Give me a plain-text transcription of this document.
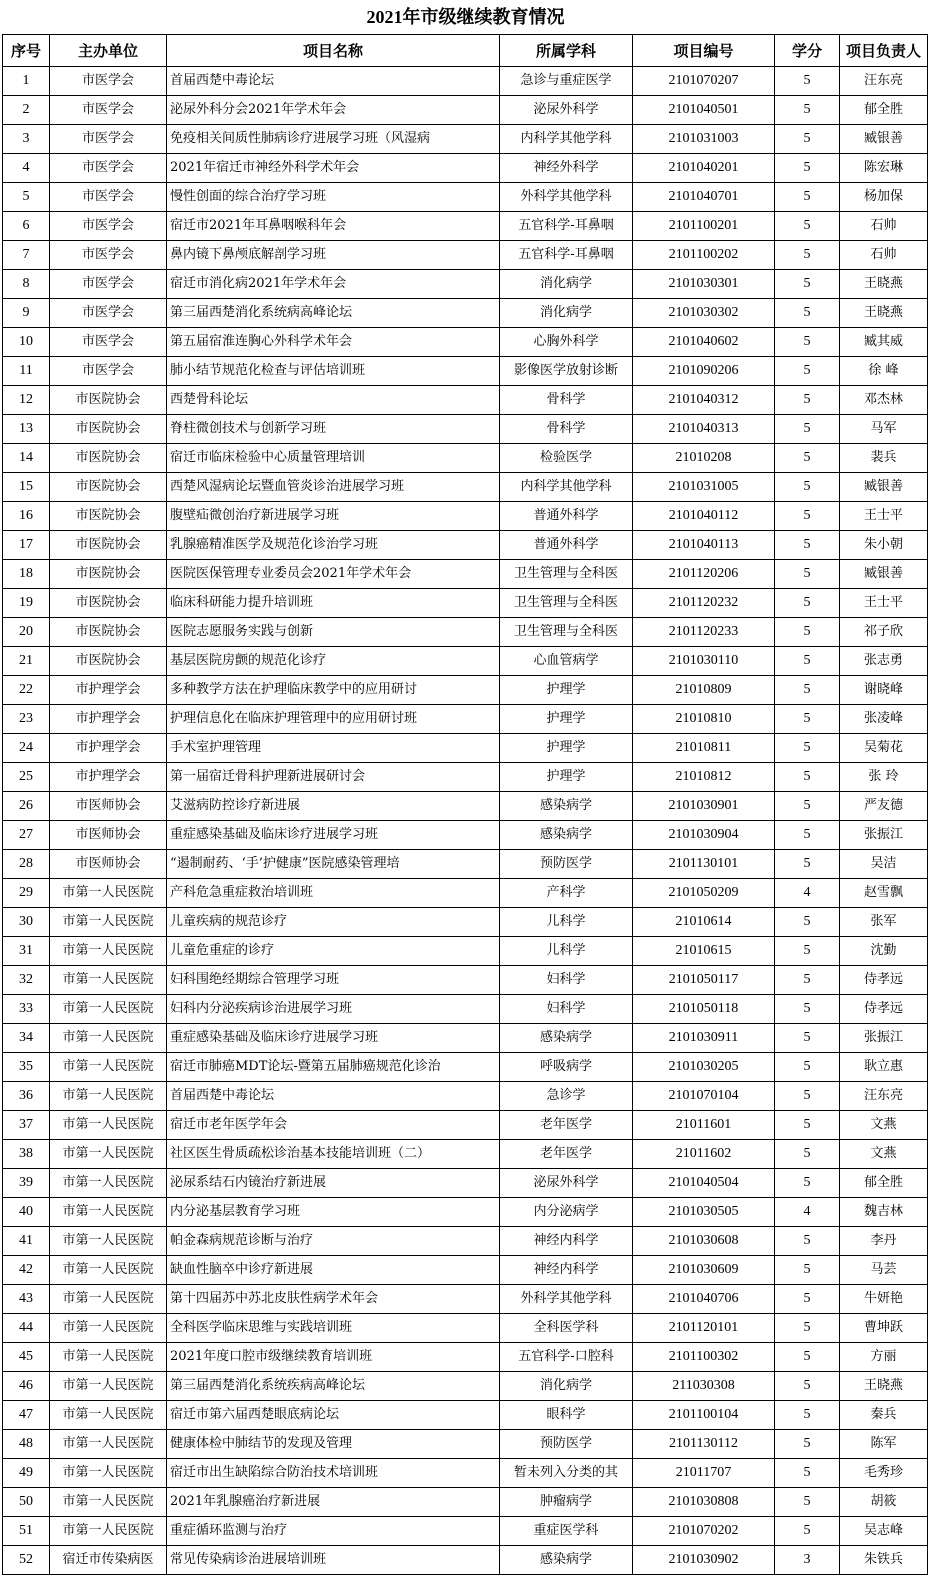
2021年市级继续教育情况
序号	主办单位	项目名称	所属学科	项目编号	学分	项目负责人
1	市医学会	首届西楚中毒论坛	急诊与重症医学	2101070207	5	汪东亮
2	市医学会	泌尿外科分会2021年学术年会	泌尿外科学	2101040501	5	郁全胜
3	市医学会	免疫相关间质性肺病诊疗进展学习班（风湿病	内科学其他学科	2101031003	5	臧银善
4	市医学会	2021年宿迁市神经外科学术年会	神经外科学	2101040201	5	陈宏琳
5	市医学会	慢性创面的综合治疗学习班	外科学其他学科	2101040701	5	杨加保
6	市医学会	宿迁市2021年耳鼻咽喉科年会	五官科学-耳鼻咽	2101100201	5	石帅
7	市医学会	鼻内镜下鼻颅底解剖学习班	五官科学-耳鼻咽	2101100202	5	石帅
8	市医学会	宿迁市消化病2021年学术年会	消化病学	2101030301	5	王晓燕
9	市医学会	第三届西楚消化系统病高峰论坛	消化病学	2101030302	5	王晓燕
10	市医学会	第五届宿淮连胸心外科学术年会	心胸外科学	2101040602	5	臧其威
11	市医学会	肺小结节规范化检查与评估培训班	影像医学放射诊断	2101090206	5	徐 峰
12	市医院协会	西楚骨科论坛	骨科学	2101040312	5	邓杰林
13	市医院协会	脊柱微创技术与创新学习班	骨科学	2101040313	5	马军
14	市医院协会	宿迁市临床检验中心质量管理培训	检验医学	21010208	5	裴兵
15	市医院协会	西楚风湿病论坛暨血管炎诊治进展学习班	内科学其他学科	2101031005	5	臧银善
16	市医院协会	腹壁疝微创治疗新进展学习班	普通外科学	2101040112	5	王士平
17	市医院协会	乳腺癌精准医学及规范化诊治学习班	普通外科学	2101040113	5	朱小朝
18	市医院协会	医院医保管理专业委员会2021年学术年会	卫生管理与全科医	2101120206	5	臧银善
19	市医院协会	临床科研能力提升培训班	卫生管理与全科医	2101120232	5	王士平
20	市医院协会	医院志愿服务实践与创新	卫生管理与全科医	2101120233	5	祁子欣
21	市医院协会	基层医院房颤的规范化诊疗	心血管病学	2101030110	5	张志勇
22	市护理学会	多种教学方法在护理临床教学中的应用研讨	护理学	21010809	5	谢晓峰
23	市护理学会	护理信息化在临床护理管理中的应用研讨班	护理学	21010810	5	张凌峰
24	市护理学会	手术室护理管理	护理学	21010811	5	吴菊花
25	市护理学会	第一届宿迁骨科护理新进展研讨会	护理学	21010812	5	张 玲
26	市医师协会	艾滋病防控诊疗新进展	感染病学	2101030901	5	严友德
27	市医师协会	重症感染基础及临床诊疗进展学习班	感染病学	2101030904	5	张振江
28	市医师协会	“遏制耐药、‘手’护健康”医院感染管理培	预防医学	2101130101	5	吴洁
29	市第一人民医院	产科危急重症救治培训班	产科学	2101050209	4	赵雪飘
30	市第一人民医院	儿童疾病的规范诊疗	儿科学	21010614	5	张军
31	市第一人民医院	儿童危重症的诊疗	儿科学	21010615	5	沈勤
32	市第一人民医院	妇科围绝经期综合管理学习班	妇科学	2101050117	5	侍孝远
33	市第一人民医院	妇科内分泌疾病诊治进展学习班	妇科学	2101050118	5	侍孝远
34	市第一人民医院	重症感染基础及临床诊疗进展学习班	感染病学	2101030911	5	张振江
35	市第一人民医院	宿迁市肺癌MDT论坛-暨第五届肺癌规范化诊治	呼吸病学	2101030205	5	耿立惠
36	市第一人民医院	首届西楚中毒论坛	急诊学	2101070104	5	汪东亮
37	市第一人民医院	宿迁市老年医学年会	老年医学	21011601	5	文燕
38	市第一人民医院	社区医生骨质疏松诊治基本技能培训班（二）	老年医学	21011602	5	文燕
39	市第一人民医院	泌尿系结石内镜治疗新进展	泌尿外科学	2101040504	5	郁全胜
40	市第一人民医院	内分泌基层教育学习班	内分泌病学	2101030505	4	魏吉林
41	市第一人民医院	帕金森病规范诊断与治疗	神经内科学	2101030608	5	李丹
42	市第一人民医院	缺血性脑卒中诊疗新进展	神经内科学	2101030609	5	马芸
43	市第一人民医院	第十四届苏中苏北皮肤性病学术年会	外科学其他学科	2101040706	5	牛妍艳
44	市第一人民医院	全科医学临床思维与实践培训班	全科医学科	2101120101	5	曹坤跃
45	市第一人民医院	2021年度口腔市级继续教育培训班	五官科学-口腔科	2101100302	5	方丽
46	市第一人民医院	第三届西楚消化系统疾病高峰论坛	消化病学	211030308	5	王晓燕
47	市第一人民医院	宿迁市第六届西楚眼底病论坛	眼科学	2101100104	5	秦兵
48	市第一人民医院	健康体检中肺结节的发现及管理	预防医学	2101130112	5	陈军
49	市第一人民医院	宿迁市出生缺陷综合防治技术培训班	暂未列入分类的其	21011707	5	毛秀珍
50	市第一人民医院	2021年乳腺癌治疗新进展	肿瘤病学	2101030808	5	胡筱
51	市第一人民医院	重症循环监测与治疗	重症医学科	2101070202	5	吴志峰
52	宿迁市传染病医	常见传染病诊治进展培训班	感染病学	2101030902	3	朱铁兵
